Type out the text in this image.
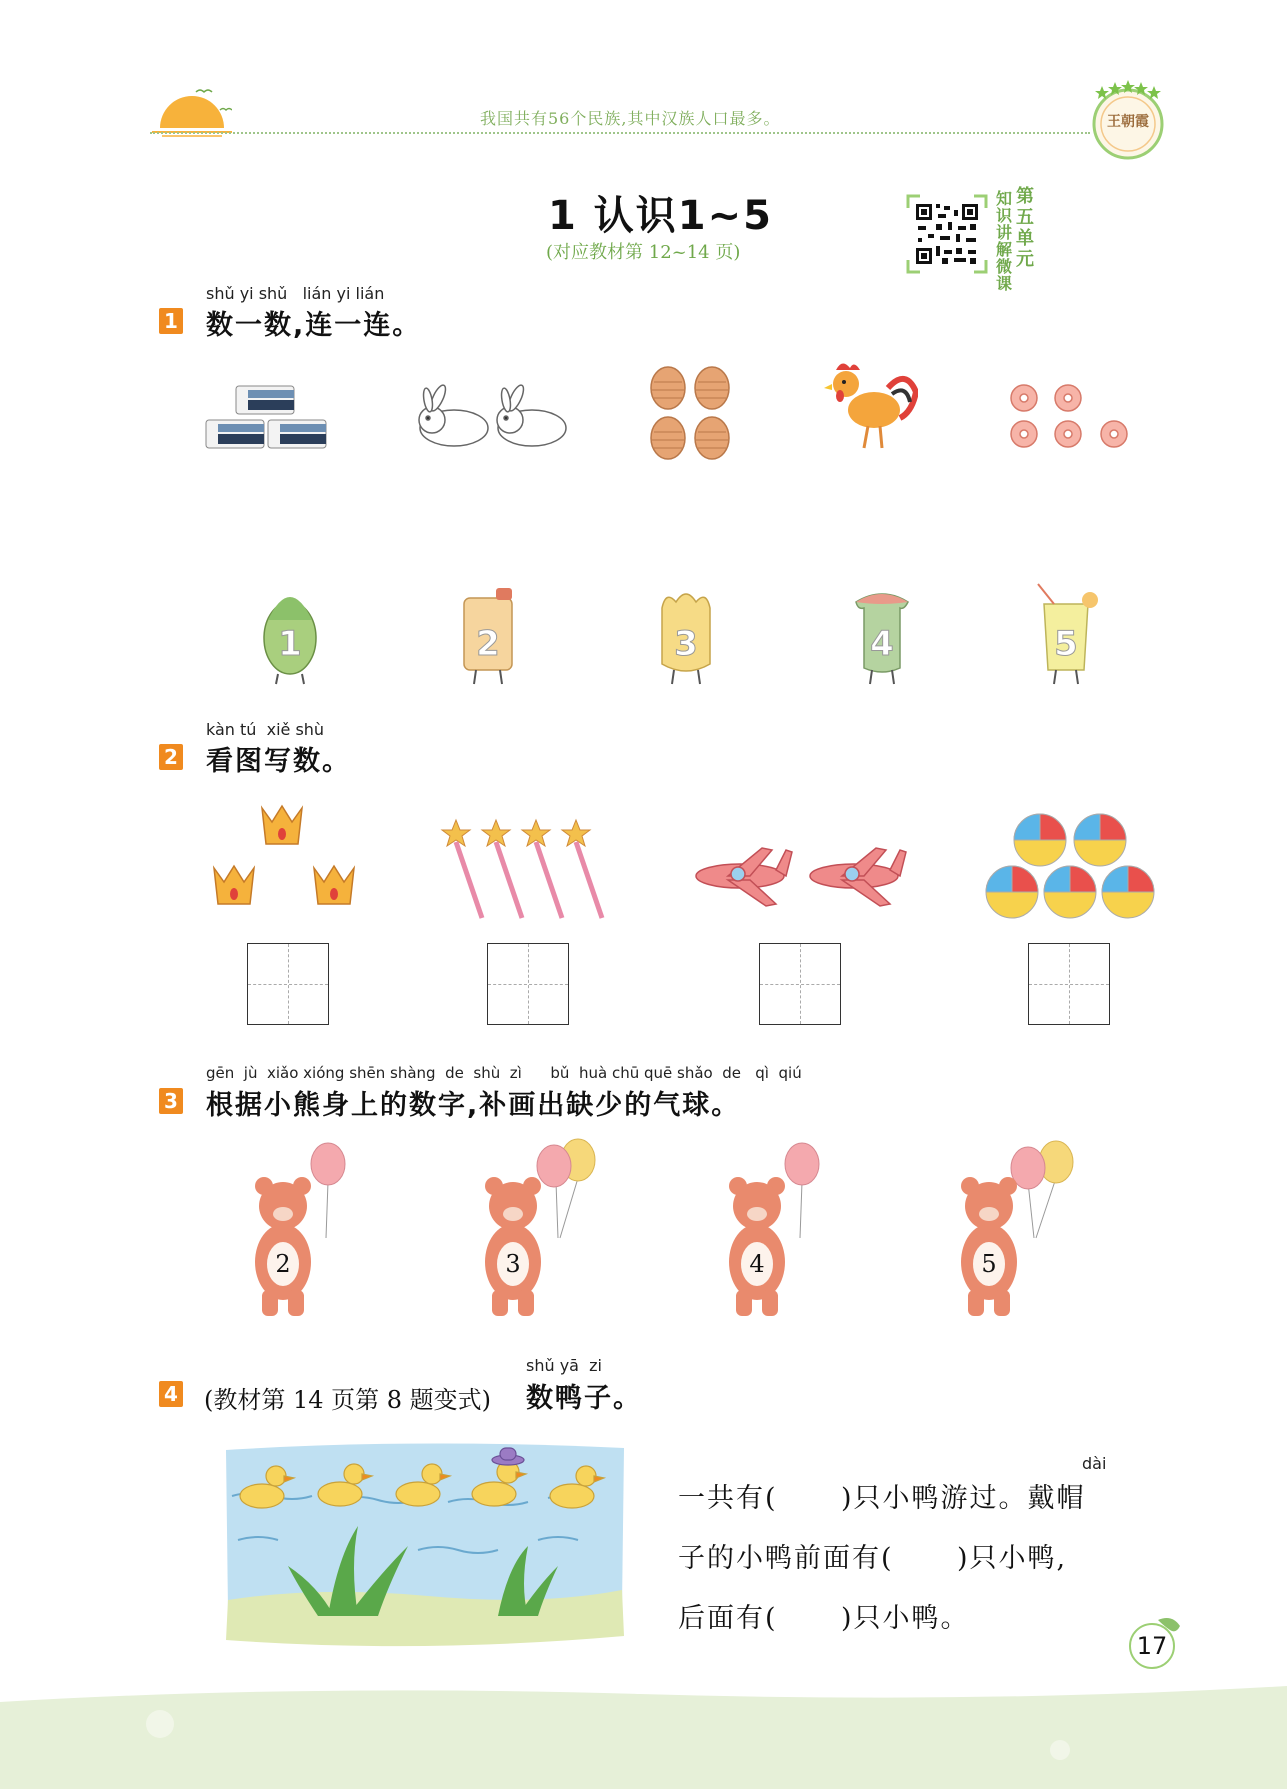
我国共有56个民族,其中汉族人口最多。	王朝霞
1 认识1~5
(对应教材第 12~14 页)
知
识
讲
解
微
课
第
五
单
元
shǔ yi shǔ   lián yi lián
1 数一数,连一连。
1	2	3	4	5
kàn tú  xiě shù
2 看图写数。
gēn  jù  xiǎo xióng shēn shàng  de  shù  zì      bǔ  huà chū quē shǎo  de   qì  qiú
3 根据小熊身上的数字,补画出缺少的气球。
2	3	4	5
shǔ yā  zi
4 (教材第 14 页第 8 题变式) 数鸭子。
dài
一共有(      )只小鸭游过。戴帽
子的小鸭前面有(      )只小鸭,
后面有(      )只小鸭。
17
